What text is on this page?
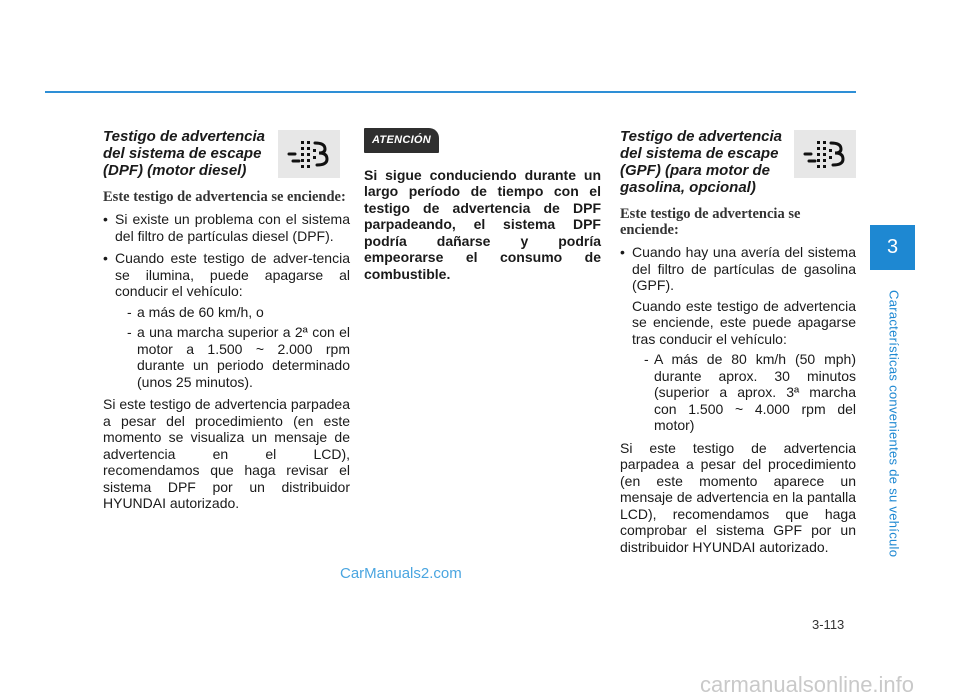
Testigo de advertencia del sistema de escape (DPF) (motor diesel)
Este testigo de advertencia se enciende:
• Si existe un problema con el sistema del filtro de partículas diesel (DPF).
• Cuando este testigo de adver-tencia se ilumina, puede apagarse al conducir el vehículo:
- a más de 60 km/h, o
- a una marcha superior a 2ª con el motor a 1.500 ~ 2.000 rpm durante un periodo determinado (unos 25 minutos).

Si este testigo de advertencia parpadea a pesar del procedimiento (en este momento se visualiza un mensaje de advertencia en el LCD), recomendamos que haga revisar el sistema DPF por un distribuidor HYUNDAI autorizado.

ATENCIÓN
Si sigue conduciendo durante un largo período de tiempo con el testigo de advertencia de DPF parpadeando, el sistema DPF podría dañarse y podría empeorarse el consumo de combustible.
Testigo de advertencia del sistema de escape (GPF) (para motor de gasolina, opcional)
Este testigo de advertencia se enciende:
• Cuando hay una avería del sistema del filtro de partículas de gasolina (GPF).
Cuando este testigo de advertencia se enciende, este puede apagarse tras conducir el vehículo:
- A más de 80 km/h (50 mph) durante aprox. 30 minutos (superior a aprox. 3ª marcha con 1.500 ~ 4.000 rpm del motor)

Si este testigo de advertencia parpadea a pesar del procedimiento (en este momento aparece un mensaje de advertencia en la pantalla LCD), recomendamos que haga comprobar el sistema GPF por un distribuidor HYUNDAI autorizado.

3
Características convenientes de su vehículo
3-113
CarManuals2.com
carmanualsonline.info
